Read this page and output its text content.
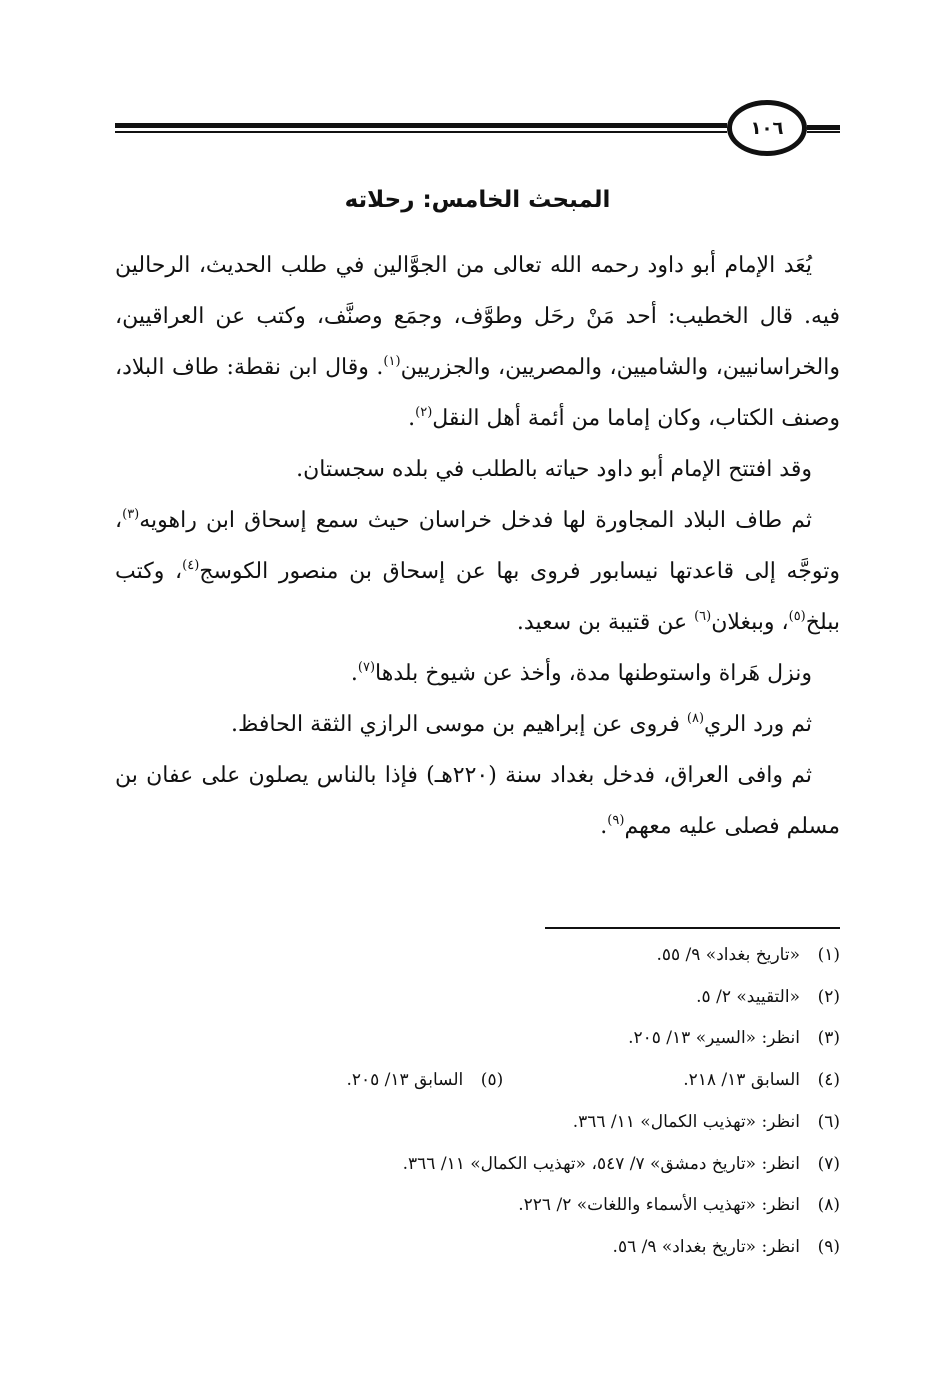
١٠٦
المبحث الخامس: رحلاته

يُعَد الإمام أبو داود رحمه الله تعالى من الجوَّالين في طلب الحديث، الرحالين فيه. قال الخطيب: أحد مَنْ رحَل وطوَّف، وجمَع وصنَّف، وكتب عن العراقيين، والخراسانيين، والشاميين، والمصريين، والجزريين$^{(١)}$. وقال ابن نقطة: طاف البلاد، وصنف الكتاب، وكان إماما من أئمة أهل النقل$^{(٢)}$.

وقد افتتح الإمام أبو داود حياته بالطلب في بلده سجستان.

ثم طاف البلاد المجاورة لها فدخل خراسان حيث سمع إسحاق ابن راهويه$^{(٣)}$، وتوجَّه إلى قاعدتها نيسابور فروى بها عن إسحاق بن منصور الكوسج$^{(٤)}$، وكتب ببلخ$^{(٥)}$، وببغلان$^{(٦)}$ عن قتيبة بن سعيد.

ونزل هَراة واستوطنها مدة، وأخذ عن شيوخ بلدها$^{(٧)}$.

ثم ورد الري$^{(٨)}$ فروى عن إبراهيم بن موسى الرازي الثقة الحافظ.

ثم وافى العراق، فدخل بغداد سنة (٢٢٠هـ) فإذا بالناس يصلون على عفان بن مسلم فصلى عليه معهم$^{(٩)}$.

(١)
«تاريخ بغداد» ٩/ ٥٥.
(٢)
«التقييد» ٢/ ٥.
(٣)
انظر: «السير» ١٣/ ٢٠٥.
(٤)
السابق ١٣/ ٢١٨.
(٥)
السابق ١٣/ ٢٠٥.
(٦)
انظر: «تهذيب الكمال» ١١/ ٣٦٦.
(٧)
انظر: «تاريخ دمشق» ٧/ ٥٤٧، «تهذيب الكمال» ١١/ ٣٦٦.
(٨)
انظر: «تهذيب الأسماء واللغات» ٢/ ٢٢٦.
(٩)
انظر: «تاريخ بغداد» ٩/ ٥٦.
